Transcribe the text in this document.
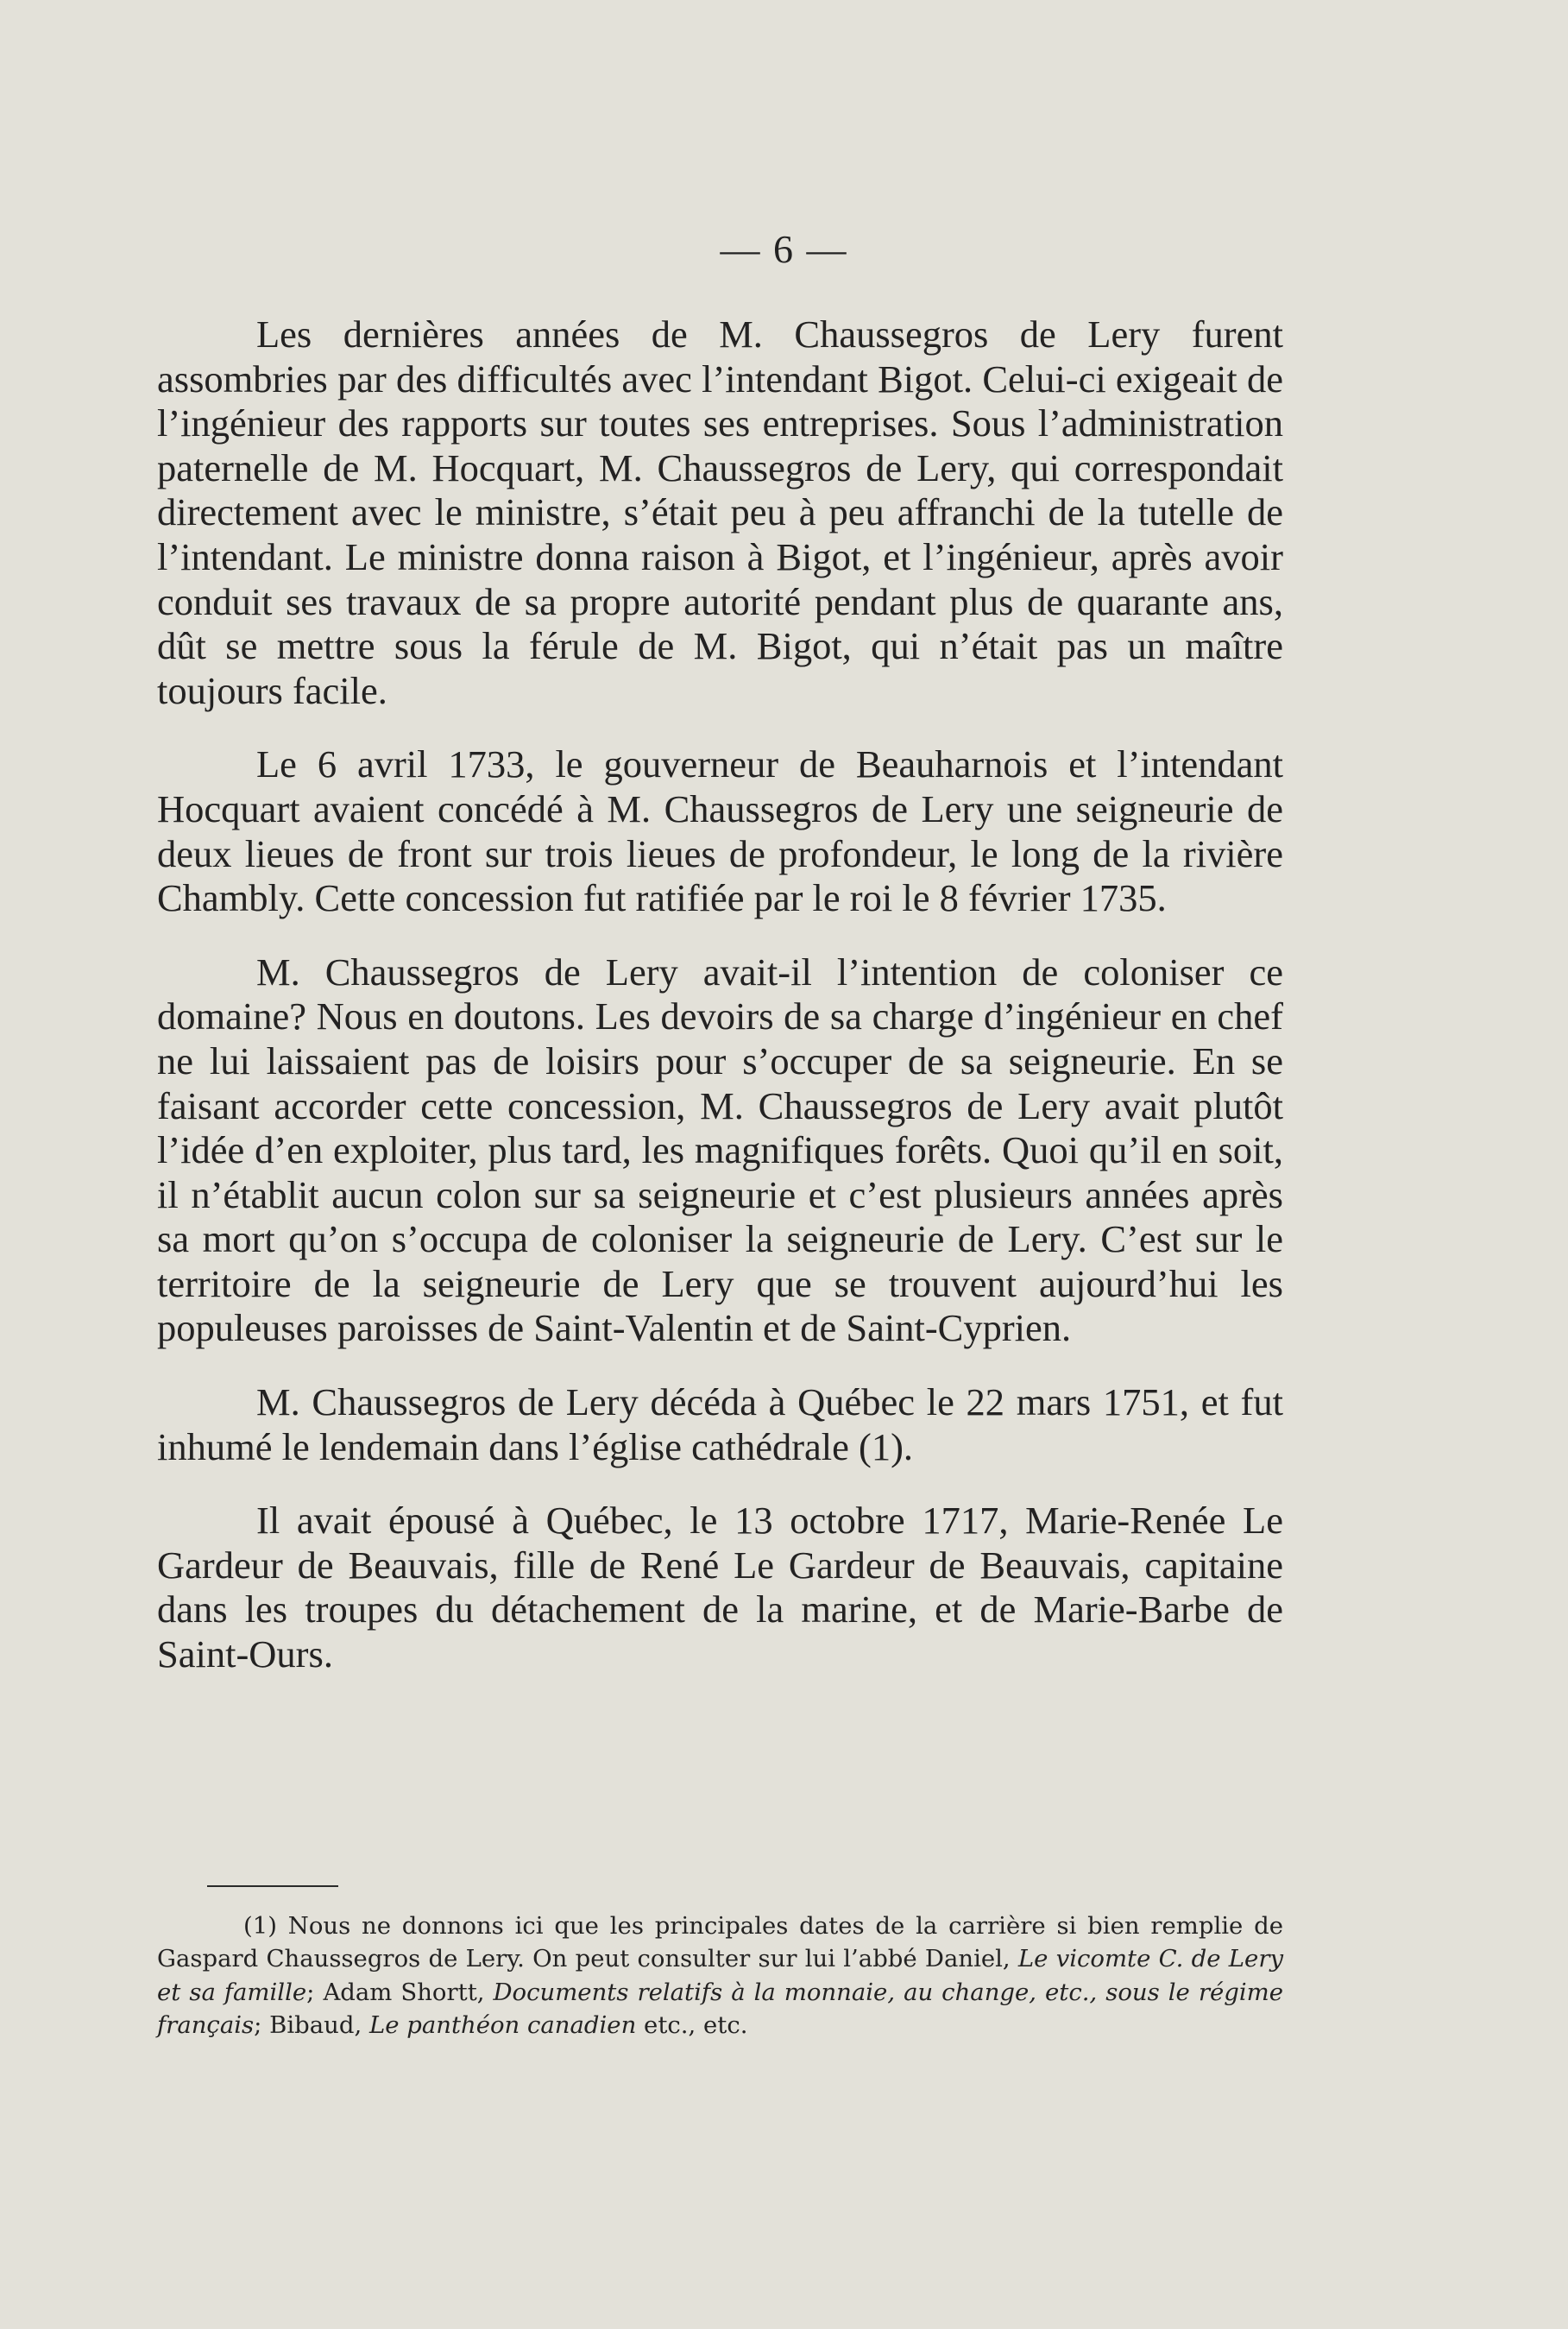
— 6 —

Les dernières années de M. Chaussegros de Lery furent assombries par des difficultés avec l’intendant Bigot. Celui-ci exigeait de l’ingénieur des rapports sur toutes ses entreprises. Sous l’administration paternelle de M. Hocquart, M. Chaussegros de Lery, qui correspondait directement avec le ministre, s’était peu à peu affranchi de la tutelle de l’intendant. Le ministre donna raison à Bigot, et l’ingénieur, après avoir conduit ses travaux de sa propre autorité pendant plus de quarante ans, dût se mettre sous la férule de M. Bigot, qui n’était pas un maître toujours facile.

Le 6 avril 1733, le gouverneur de Beauharnois et l’intendant Hocquart avaient concédé à M. Chaussegros de Lery une seigneurie de deux lieues de front sur trois lieues de profondeur, le long de la rivière Chambly. Cette concession fut ratifiée par le roi le 8 février 1735.

M. Chaussegros de Lery avait-il l’intention de coloniser ce domaine? Nous en doutons. Les devoirs de sa charge d’ingénieur en chef ne lui laissaient pas de loisirs pour s’occuper de sa seigneurie. En se faisant accorder cette concession, M. Chaussegros de Lery avait plutôt l’idée d’en exploiter, plus tard, les magnifiques forêts. Quoi qu’il en soit, il n’établit aucun colon sur sa seigneurie et c’est plusieurs années après sa mort qu’on s’occupa de coloniser la seigneurie de Lery. C’est sur le territoire de la seigneurie de Lery que se trouvent aujourd’hui les populeuses paroisses de Saint-Valentin et de Saint-Cyprien.

M. Chaussegros de Lery décéda à Québec le 22 mars 1751, et fut inhumé le lendemain dans l’église cathédrale (1).

Il avait épousé à Québec, le 13 octobre 1717, Marie-Renée Le Gardeur de Beauvais, fille de René Le Gardeur de Beauvais, capitaine dans les troupes du détachement de la marine, et de Marie-Barbe de Saint-Ours.

(1) Nous ne donnons ici que les principales dates de la carrière si bien remplie de Gaspard Chaussegros de Lery. On peut consulter sur lui l’abbé Daniel, Le vicomte C. de Lery et sa famille; Adam Shortt, Documents relatifs à la monnaie, au change, etc., sous le régime français; Bibaud, Le panthéon canadien etc., etc.
